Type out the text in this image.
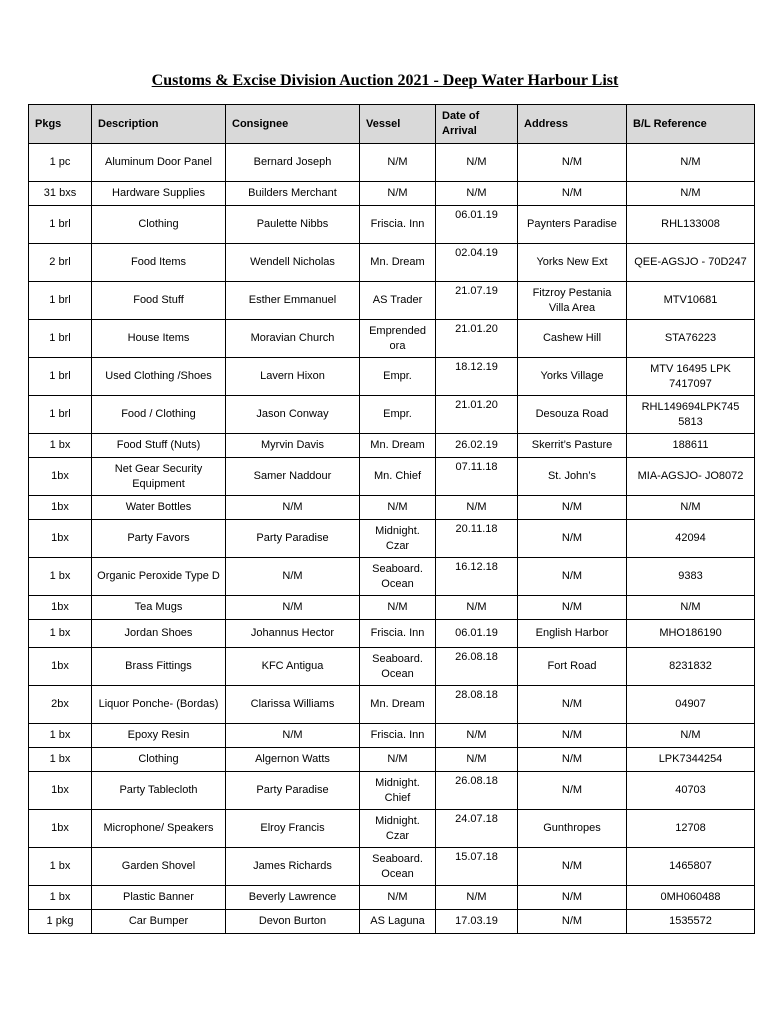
Customs & Excise Division Auction 2021 - Deep Water Harbour List
Pkgs	Description	Consignee	Vessel	Date of Arrival	Address	B/L Reference
1 pc	Aluminum Door Panel	Bernard Joseph	N/M	N/M	N/M	N/M
31 bxs	Hardware Supplies	Builders Merchant	N/M	N/M	N/M	N/M
1 brl	Clothing	Paulette Nibbs	Friscia. Inn	06.01.19	Paynters Paradise	RHL133008
2 brl	Food Items	Wendell Nicholas	Mn. Dream	02.04.19	Yorks New Ext	QEE-AGSJO - 70D247
1 brl	Food Stuff	Esther Emmanuel	AS Trader	21.07.19	Fitzroy Pestania Villa Area	MTV10681
1 brl	House Items	Moravian Church	Emprended ora	21.01.20	Cashew Hill	STA76223
1 brl	Used Clothing /Shoes	Lavern Hixon	Empr.	18.12.19	Yorks Village	MTV 16495 LPK 7417097
1 brl	Food / Clothing	Jason Conway	Empr.	21.01.20	Desouza Road	RHL149694LPK745 5813
1 bx	Food Stuff (Nuts)	Myrvin Davis	Mn. Dream	26.02.19	Skerrit’s Pasture	188611
1bx	Net Gear Security Equipment	Samer Naddour	Mn. Chief	07.11.18	St. John’s	MIA-AGSJO- JO8072
1bx	Water Bottles	N/M	N/M	N/M	N/M	N/M
1bx	Party Favors	Party Paradise	Midnight. Czar	20.11.18	N/M	42094
1 bx	Organic Peroxide Type D	N/M	Seaboard. Ocean	16.12.18	N/M	9383
1bx	Tea Mugs	N/M	N/M	N/M	N/M	N/M
1 bx	Jordan Shoes	Johannus Hector	Friscia. Inn	06.01.19	English Harbor	MHO186190
1bx	Brass Fittings	KFC Antigua	Seaboard. Ocean	26.08.18	Fort Road	8231832
2bx	Liquor Ponche- (Bordas)	Clarissa Williams	Mn. Dream	28.08.18	N/M	04907
1 bx	Epoxy Resin	N/M	Friscia. Inn	N/M	N/M	N/M
1 bx	Clothing	Algernon Watts	N/M	N/M	N/M	LPK7344254
1bx	Party Tablecloth	Party Paradise	Midnight. Chief	26.08.18	N/M	40703
1bx	Microphone/ Speakers	Elroy Francis	Midnight. Czar	24.07.18	Gunthropes	12708
1 bx	Garden Shovel	James Richards	Seaboard. Ocean	15.07.18	N/M	1465807
1 bx	Plastic Banner	Beverly Lawrence	N/M	N/M	N/M	0MH060488
1 pkg	Car Bumper	Devon Burton	AS Laguna	17.03.19	N/M	1535572
